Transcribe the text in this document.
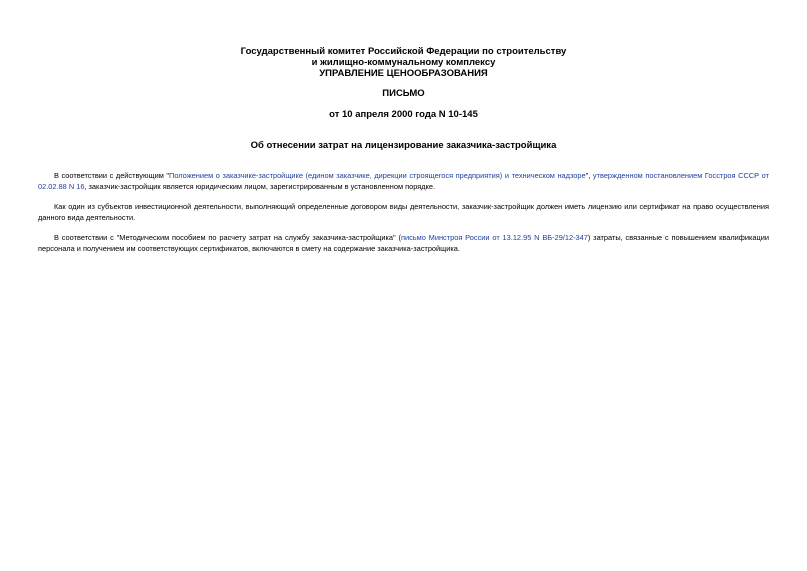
Государственный комитет Российской Федерации по строительству
и жилищно-коммунальному комплексу
УПРАВЛЕНИЕ ЦЕНООБРАЗОВАНИЯ
ПИСЬМО
от 10 апреля 2000 года N 10-145
Об отнесении затрат на лицензирование заказчика-застройщика
В соответствии с действующим "Положением о заказчике-застройщике (едином заказчике, дирекции строящегося предприятия) и техническом надзоре", утвержденном постановлением Госстроя СССР от 02.02.88 N 16, заказчик-застройщик является юридическим лицом, зарегистрированным в установленном порядке.
Как один из субъектов инвестиционной деятельности, выполняющий определенные договором виды деятельности, заказчик-застройщик должен иметь лицензию или сертификат на право осуществления данного вида деятельности.
В соответствии с "Методическим пособием по расчету затрат на службу заказчика-застройщика" (письмо Минстроя России от 13.12.95 N ВБ-29/12-347) затраты, связанные с повышением квалификации персонала и получением им соответствующих сертификатов, включаются в смету на содержание заказчика-застройщика.
